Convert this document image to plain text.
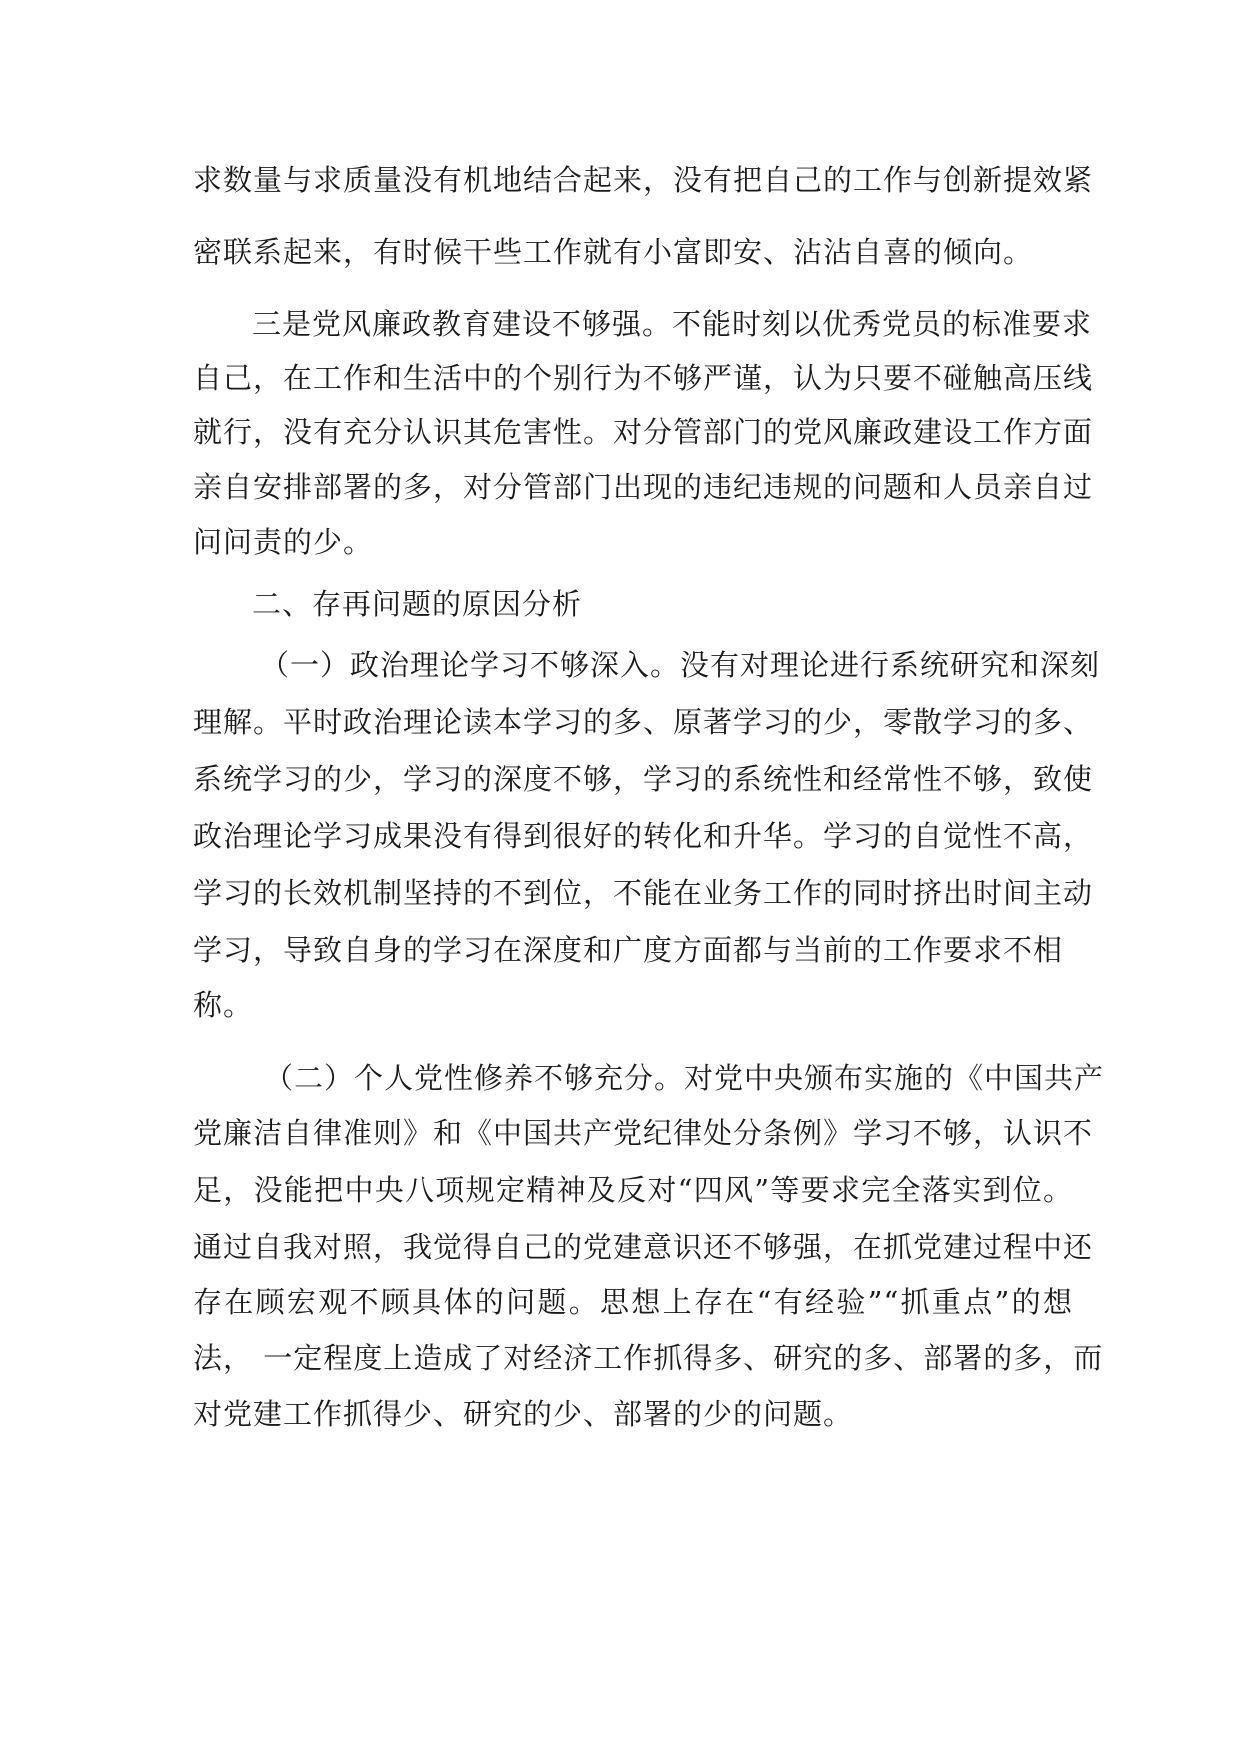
求数量与求质量没有机地结合起来，没有把自己的工作与创新提效紧
密联系起来，有时候干些工作就有小富即安、沾沾自喜的倾向。
三是党风廉政教育建设不够强。不能时刻以优秀党员的标准要求
自己，在工作和生活中的个别行为不够严谨，认为只要不碰触高压线
就行，没有充分认识其危害性。对分管部门的党风廉政建设工作方面
亲自安排部署的多，对分管部门出现的违纪违规的问题和人员亲自过
问问责的少。
二、存再问题的原因分析
（一）政治理论学习不够深入。没有对理论进行系统研究和深刻
理解。平时政治理论读本学习的多、原著学习的少，零散学习的多、
系统学习的少，学习的深度不够，学习的系统性和经常性不够，致使
政治理论学习成果没有得到很好的转化和升华。学习的自觉性不高，
学习的长效机制坚持的不到位，不能在业务工作的同时挤出时间主动
学习，导致自身的学习在深度和广度方面都与当前的工作要求不相
称。
（二）个人党性修养不够充分。对党中央颁布实施的《中国共产
党廉洁自律准则》和《中国共产党纪律处分条例》学习不够，认识不
足，没能把中央八项规定精神及反对“四风”等要求完全落实到位。
通过自我对照，我觉得自己的党建意识还不够强，在抓党建过程中还
存在顾宏观不顾具体的问题。思想上存在“有经验”“抓重点”的想
法， 一定程度上造成了对经济工作抓得多、研究的多、部署的多，而
对党建工作抓得少、研究的少、部署的少的问题。
